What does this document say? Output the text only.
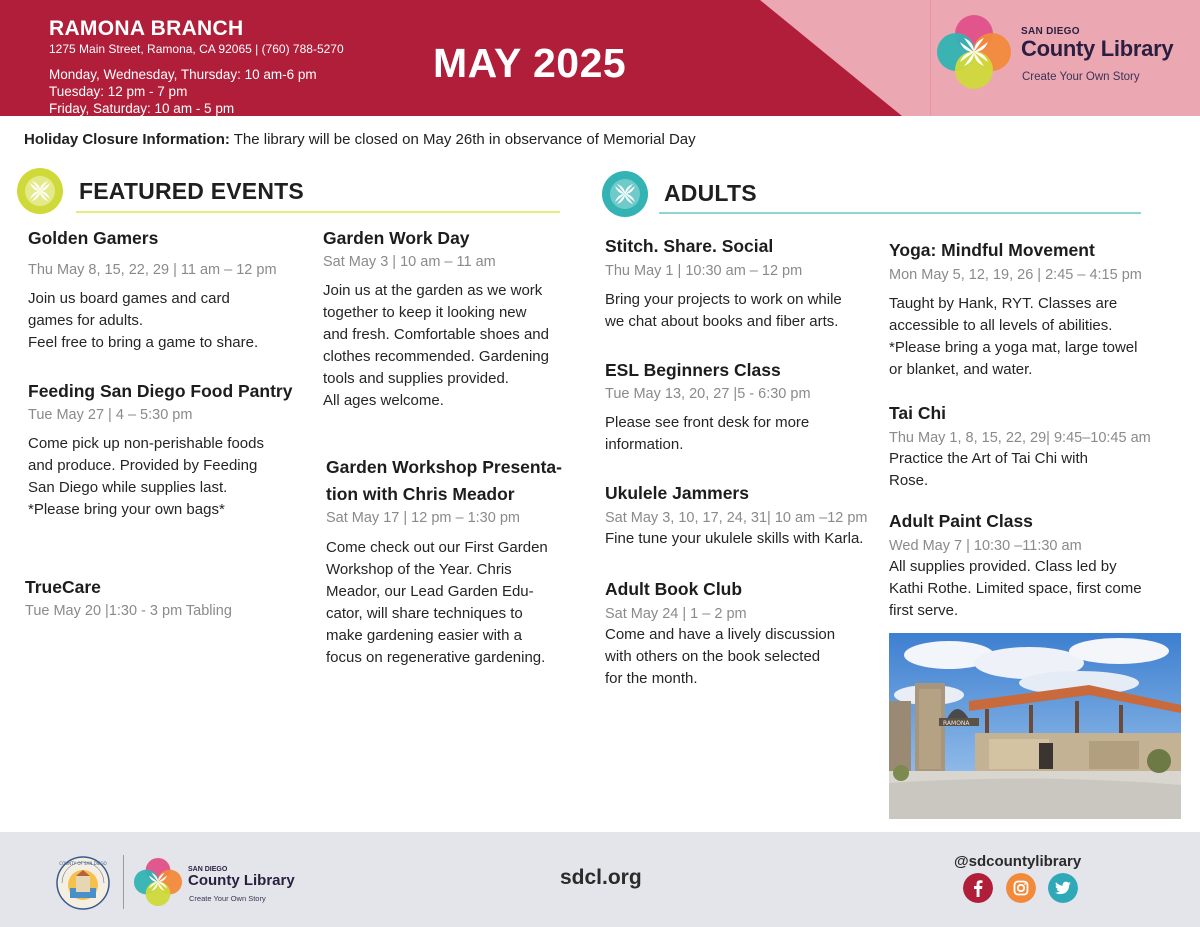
RAMONA BRANCH
1275 Main Street, Ramona, CA 92065 | (760) 788-5270
Monday, Wednesday, Thursday: 10 am-6 pm
Tuesday: 12 pm - 7 pm
Friday, Saturday: 10 am - 5 pm
MAY 2025
SAN DIEGO
County Library
Create Your Own Story
Holiday Closure Information: The library will be closed on May 26th in observance of Memorial Day
FEATURED EVENTS	ADULTS
Golden Gamers
Thu May 8, 15, 22, 29 | 11 am – 12 pm
Join us board games and card
games for adults.
Feel free to bring a game to share.
Feeding San Diego Food Pantry
Tue May 27 | 4 – 5:30 pm
Come pick up non-perishable foods
and produce. Provided by Feeding
San Diego while supplies last.
*Please bring your own bags*
TrueCare
Tue May 20 |1:30 - 3 pm Tabling
Garden Work Day
Sat May 3 | 10 am – 11 am
Join us at the garden as we work
together to keep it looking new
and fresh. Comfortable shoes and
clothes recommended. Gardening
tools and supplies provided.
All ages welcome.
Garden Workshop Presenta-
tion with Chris Meador
Sat May 17 | 12 pm – 1:30 pm
Come check out our First Garden
Workshop of the Year. Chris
Meador, our Lead Garden Edu-
cator, will share techniques to
make gardening easier with a
focus on regenerative gardening.
Stitch. Share. Social
Thu May 1 | 10:30 am – 12 pm
Bring your projects to work on while
we chat about books and fiber arts.
ESL Beginners Class
Tue May 13, 20, 27 |5 - 6:30 pm
Please see front desk for more
information.
Ukulele Jammers
Sat May 3, 10, 17, 24, 31| 10 am –12 pm
Fine tune your ukulele skills with Karla.
Adult Book Club
Sat May 24 | 1 – 2 pm
Come and have a lively discussion
with others on the book selected
for the month.
Yoga: Mindful Movement
Mon May 5, 12, 19, 26 | 2:45 – 4:15 pm
Taught by Hank, RYT. Classes are
accessible to all levels of abilities.
*Please bring a yoga mat, large towel
or blanket, and water.
Tai Chi
Thu May 1, 8, 15, 22, 29| 9:45–10:45 am
Practice the Art of Tai Chi with
Rose.
Adult Paint Class
Wed May 7 | 10:30 –11:30 am
All supplies provided. Class led by
Kathi Rothe. Limited space, first come
first serve.
RAMONA
COUNTY OF SAN DIEGO
SAN DIEGO
County Library
Create Your Own Story
sdcl.org
@sdcountylibrary
